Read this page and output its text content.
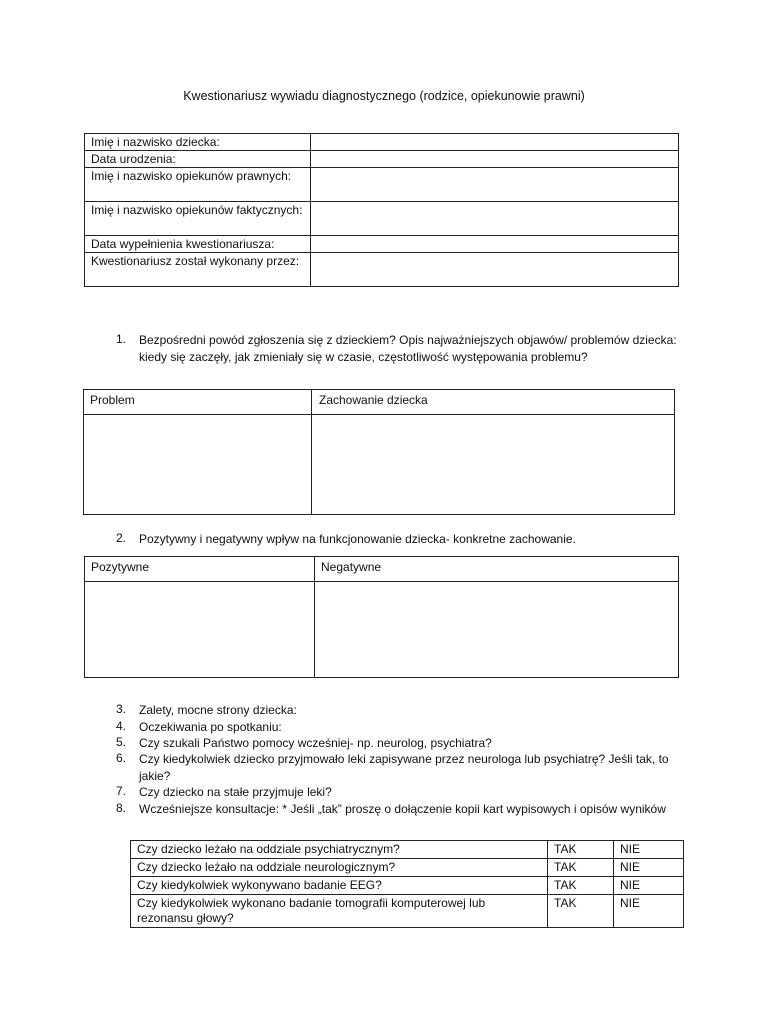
Kwestionariusz wywiadu diagnostycznego (rodzice, opiekunowie prawni)
Imię i nazwisko dziecka:	
Data urodzenia:	
Imię i nazwisko opiekunów prawnych:	
Imię i nazwisko opiekunów faktycznych:	
Data wypełnienia kwestionariusza:	
Kwestionariusz został wykonany przez:	
1. Bezpośredni powód zgłoszenia się z dzieckiem? Opis najważniejszych objawów/ problemów dziecka: kiedy się zaczęły, jak zmieniały się w czasie, częstotliwość występowania problemu?
Problem	Zachowanie dziecka
2. Pozytywny i negatywny wpływ na funkcjonowanie dziecka- konkretne zachowanie.
Pozytywne	Negatywne
3. Zalety, mocne strony dziecka:
4. Oczekiwania po spotkaniu:
5. Czy szukali Państwo pomocy wcześniej- np. neurolog, psychiatra?
6. Czy kiedykolwiek dziecko przyjmowało leki zapisywane przez neurologa lub psychiatrę? Jeśli tak, to jakie?
7. Czy dziecko na stałe przyjmuje leki?
8. Wcześniejsze konsultacje: * Jeśli „tak” proszę o dołączenie kopii kart wypisowych i opisów wyników
Czy dziecko leżało na oddziale psychiatrycznym?	TAK	NIE
Czy dziecko leżało na oddziale neurologicznym?	TAK	NIE
Czy kiedykolwiek wykonywano badanie EEG?	TAK	NIE
Czy kiedykolwiek wykonano badanie tomografii komputerowej lub rezonansu głowy?	TAK	NIE
